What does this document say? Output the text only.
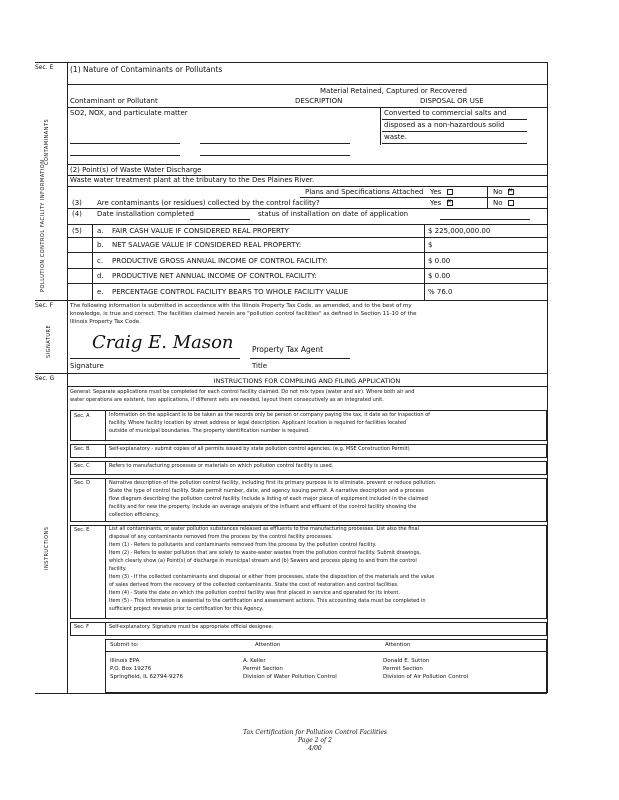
Sec. E
CONTAMINANTS
(1) Nature of Contaminants or Pollutants
Material Retained, Captured or Recovered
Contaminant or Pollutant	DESCRIPTION	DISPOSAL OR USE
SO2, NOX, and particulate matter	Converted to commercial salts and
disposed as a non-hazardous solid
waste.
POLLUTION CONTROL FACILITY INFORMATION	(2) Point(s) of Waste Water Discharge
Waste water treatment plant at the tributary to the Des Plaines River.
Plans and Specifications Attached Yes	No
✕
(3) Are contaminants (or residues) collected by the control facility?	Yes
✕	No
(4) Date installation completed	status of installation on date of application
(5) a. FAIR CASH VALUE IF CONSIDERED REAL PROPERTY	$ 225,000,000.00
b. NET SALVAGE VALUE IF CONSIDERED REAL PROPERTY:	$
c. PRODUCTIVE GROSS ANNUAL INCOME OF CONTROL FACILITY:	$ 0.00
d. PRODUCTIVE NET ANNUAL INCOME OF CONTROL FACILITY:	$ 0.00
e. PERCENTAGE CONTROL FACILITY BEARS TO WHOLE FACILITY VALUE	% 76.0
Sec. F
SIGNATURE
The following information is submitted in accordance with the Illinois Property Tax Code, as amended, and to the best of my
knowledge, is true and correct. The facilities claimed herein are "pollution control facilities" as defined in Section 11-10 of the
Illinois Property Tax Code.
Craig E. Mason Property Tax Agent
Signature	Title
Sec. G
INSTRUCTIONS
INSTRUCTIONS FOR COMPILING AND FILING APPLICATION
General: Separate applications must be completed for each control facility claimed. Do not mix types (water and air). Where both air and
water operations are existent, two applications, if different sets are needed, layout them consecutively as an integrated unit.
Sec. A	Information on the applicant is to be taken as the records only be person or company paying the tax, it date as for inspection of
facility. Where facility location by street address or legal description. Applicant location is required for facilities located
outside of municipal boundaries. The property identification number is required.
Sec. B	Self-explanatory - submit copies of all permits issued by state pollution control agencies. (e.g. MSE Construction Permit)
Sec. C	Refers to manufacturing processes or materials on which pollution control facility is used.
Sec. D	Narrative description of the pollution control facility, including first its primary purpose is to eliminate, prevent or reduce pollution.
State the type of control facility. State permit number, date, and agency issuing permit. A narrative description and a process
flow diagram describing the pollution control facility. Include a listing of each major piece of equipment included in the claimed
facility and for new the property. Include an average analysis of the influent and effluent of the control facility showing the
collection efficiency.
Sec. E	List all contaminants, or water pollution substances released as effluents to the manufacturing processes. List also the final
disposal of any contaminants removed from the process by the control facility processes.
Item (1) - Refers to pollutants and contaminants removed from the process by the pollution control facility.
Item (2) - Refers to water pollution that are solely to waste-water wastes from the pollution control facility. Submit drawings,
which clearly show (a) Point(s) of discharge in municipal stream and (b) Sewers and process piping to and from the control
facility.
Item (3) - If the collected contaminants and disposal or either from processes, state the disposition of the materials and the value
of sales derived from the recovery of the collected contaminants. State the cost of restoration and control facilities.
Item (4) - State the date on which the pollution control facility was first placed in service and operated for its intent.
Item (5) - This information is essential to the certification and assessment actions. This accounting data must be completed in
sufficient project reviews prior to certification for this Agency.
Sec. F	Self-explanatory. Signature must be appropriate official designee.
Submit to:	Attention	Attention
Illinois EPA
P.O. Box 19276
Springfield, IL 62794-9276
A. Keller
Permit Section
Division of Water Pollution Control
Donald E. Sutton
Permit Section
Division of Air Pollution Control
Tax Certification for Pollution Control Facilities
Page 2 of 2
4/00
